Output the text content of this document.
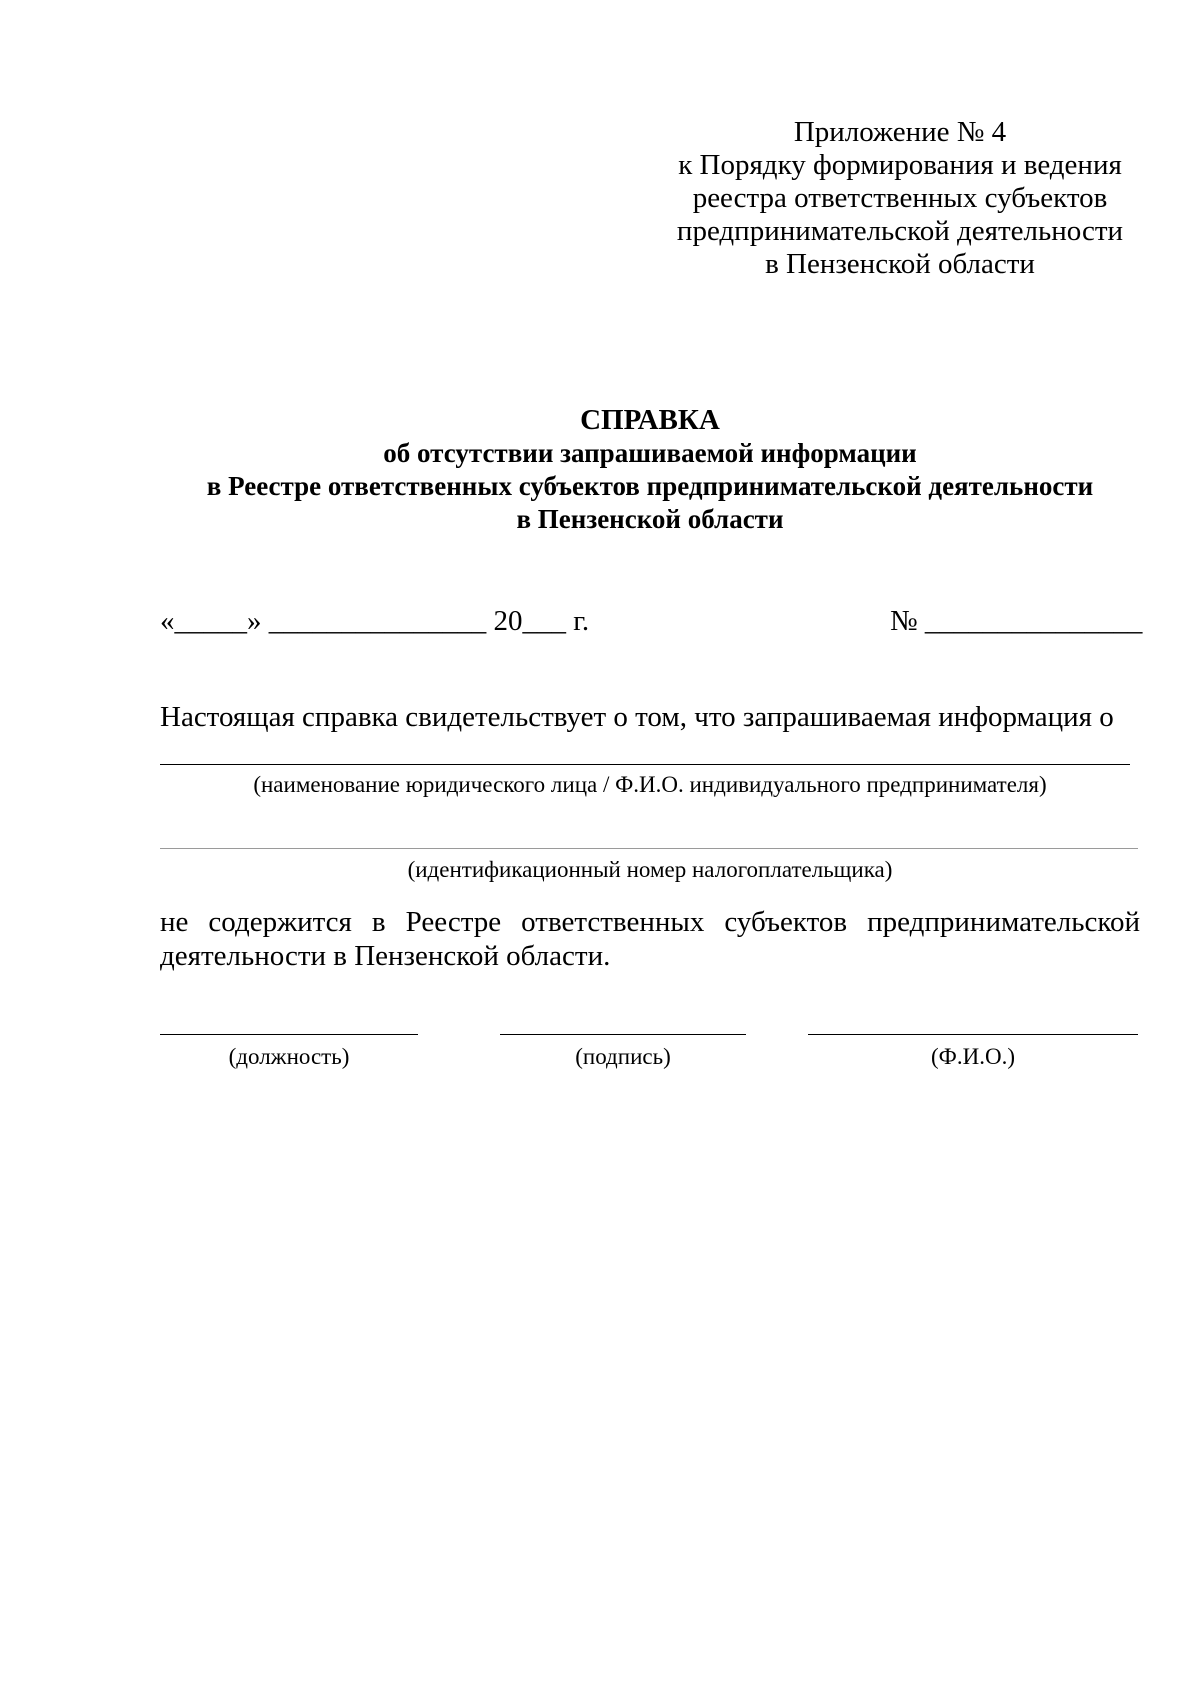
Приложение № 4
к Порядку формирования и ведения
реестра ответственных субъектов
предпринимательской деятельности
в Пензенской области
СПРАВКА
об отсутствии запрашиваемой информации
в Реестре ответственных субъектов предпринимательской деятельности
в Пензенской области
«_____» _______________ 20___ г.	№ _______________
Настоящая справка свидетельствует о том, что запрашиваемая информация о
(наименование юридического лица / Ф.И.О. индивидуального предпринимателя)
(идентификационный номер налогоплательщика)
не содержится в Реестре ответственных субъектов предпринимательской деятельности в Пензенской области.
(должность)	(подпись)	(Ф.И.О.)
